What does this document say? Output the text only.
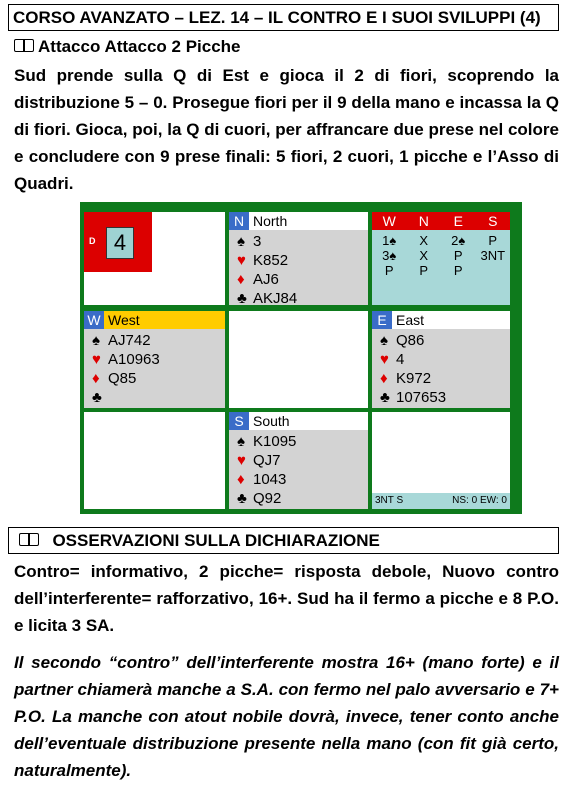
CORSO AVANZATO – LEZ. 14 – IL CONTRO E I SUOI SVILUPPI (4)
Attacco Attacco 2 Picche
Sud prende sulla Q di Est e gioca il 2 di fiori, scoprendo la distribuzione 5 – 0. Prosegue fiori per il 9 della mano e incassa la Q di fiori. Gioca, poi, la Q di cuori, per affrancare due prese nel colore e concludere con 9 prese finali: 5 fiori, 2 cuori, 1 picche e l’Asso di Quadri.
D 4
N North
♠ 3
♥ K852
♦ AJ6
♣ AKJ84
W	N	E	S
1♠	X	2♠	P
3♠	X	P	3NT
P	P	P
W West
♠ AJ742
♥ A10963
♦ Q85
♣
E East
♠ Q86
♥ 4
♦ K972
♣ 107653
S South
♠ K1095
♥ QJ7
♦ 1043
♣ Q92	3NT S	NS: 0 EW: 0
OSSERVAZIONI SULLA DICHIARAZIONE
Contro= informativo, 2 picche= risposta debole, Nuovo contro dell’interferente= rafforzativo, 16+. Sud ha il fermo a picche e 8 P.O. e licita 3 SA.
Il secondo “contro” dell’interferente mostra 16+ (mano forte) e il partner chiamerà manche a S.A. con fermo nel palo avversario e 7+ P.O. La manche con atout nobile dovrà, invece, tener conto anche dell’eventuale distribuzione presente nella mano (con fit già certo, naturalmente).
